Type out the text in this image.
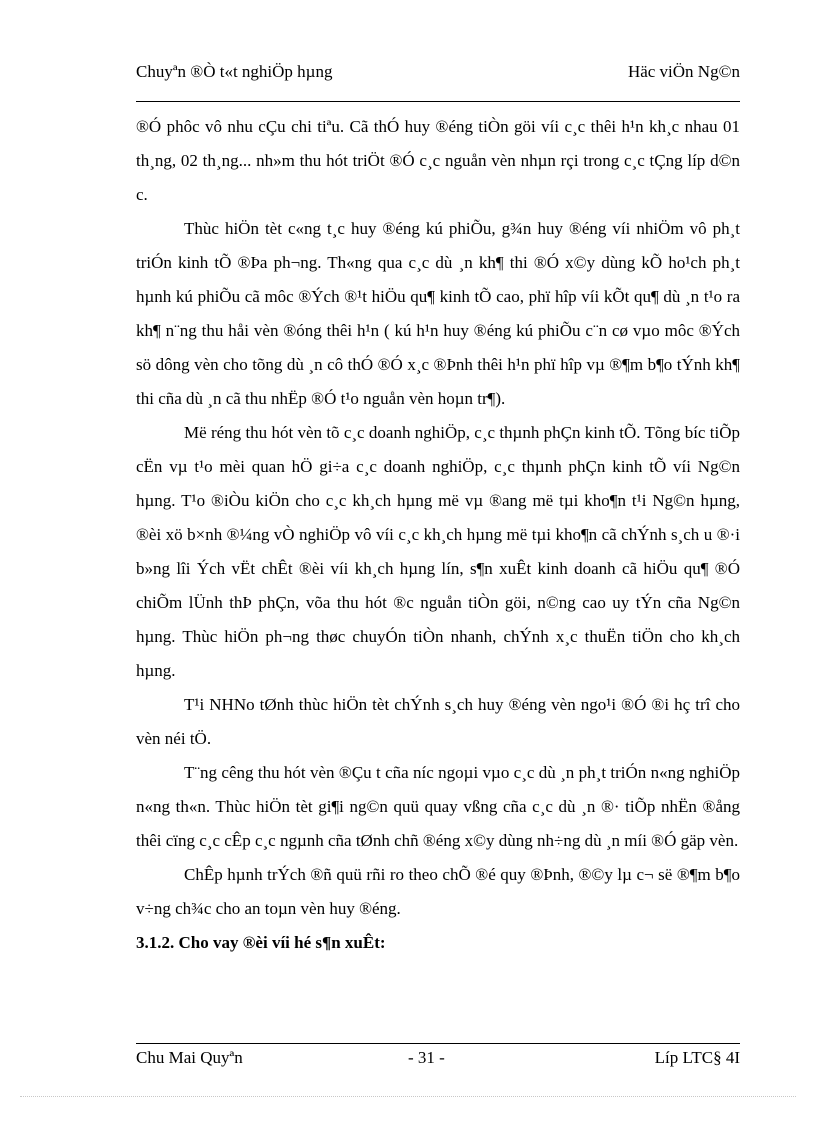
Chuyªn ®Ò t«t nghiÖp hµng	Häc viÖn Ng©n

®Ó phôc vô nhu cÇu chi tiªu. Cã thÓ huy ®éng tiÒn göi víi c¸c thêi h¹n kh¸c nhau 01 th¸ng, 02 th¸ng... nh»m thu hót triÖt ®Ó c¸c nguån vèn nhµn rçi trong c¸c tÇng líp d©n c.

Thùc hiÖn tèt c«ng t¸c huy ®éng kú phiÕu, g¾n huy ®éng víi nhiÖm vô ph¸t triÓn kinh tÕ ®Þa ph¬ng. Th«ng qua c¸c dù ¸n kh¶ thi ®Ó x©y dùng kÕ ho¹ch ph¸t hµnh kú phiÕu cã môc ®Ých ®¹t hiÖu qu¶ kinh tÕ cao, phï hîp víi kÕt qu¶ dù ¸n t¹o ra kh¶ n¨ng thu håi vèn ®óng thêi h¹n ( kú h¹n huy ®éng kú phiÕu c¨n cø vµo môc ®Ých sö dông vèn cho tõng dù ¸n cô thÓ ®Ó x¸c ®Þnh thêi h¹n phï hîp vµ ®¶m b¶o tÝnh kh¶ thi cña dù ¸n cã thu nhËp ®Ó t¹o nguån vèn hoµn tr¶).

Më réng thu hót vèn tõ c¸c doanh nghiÖp, c¸c thµnh phÇn kinh tÕ. Tõng bíc tiÕp cËn vµ t¹o mèi quan hÖ gi÷a c¸c doanh nghiÖp, c¸c thµnh phÇn kinh tÕ víi Ng©n hµng. T¹o ®iÒu kiÖn cho c¸c kh¸ch hµng më vµ ®ang më tµi kho¶n t¹i Ng©n hµng, ®èi xö b×nh ®¼ng vÒ nghiÖp vô víi c¸c kh¸ch hµng më tµi kho¶n cã chÝnh s¸ch u ®·i b»ng lîi Ých vËt chÊt ®èi víi kh¸ch hµng lín, s¶n xuÊt kinh doanh cã hiÖu qu¶ ®Ó chiÕm lÜnh thÞ phÇn, võa thu hót ®c nguån tiÒn göi, n©ng cao uy tÝn cña Ng©n hµng. Thùc hiÖn ph¬ng thøc chuyÓn tiÒn nhanh, chÝnh x¸c thuËn tiÖn cho kh¸ch hµng.

T¹i NHNo tØnh thùc hiÖn tèt chÝnh s¸ch huy ®éng vèn ngo¹i ®Ó ®i hç trî cho vèn néi tÖ.

T¨ng cêng thu hót vèn ®Çu t cña níc ngoµi vµo c¸c dù ¸n ph¸t triÓn n«ng nghiÖp n«ng th«n. Thùc hiÖn tèt gi¶i ng©n quü quay vßng cña c¸c dù ¸n ®· tiÕp nhËn ®ång thêi cïng c¸c cÊp c¸c ngµnh cña tØnh chñ ®éng x©y dùng nh÷ng dù ¸n míi ®Ó gäp vèn.

ChÊp hµnh trÝch ®ñ quü rñi ro theo chÕ ®é quy ®Þnh, ®©y lµ c¬ së ®¶m b¶o v÷ng ch¾c cho an toµn vèn huy ®éng.

3.1.2. Cho vay ®èi víi hé s¶n xuÊt:

Chu Mai Quyªn	- 31 -	Líp LTC§ 4I
